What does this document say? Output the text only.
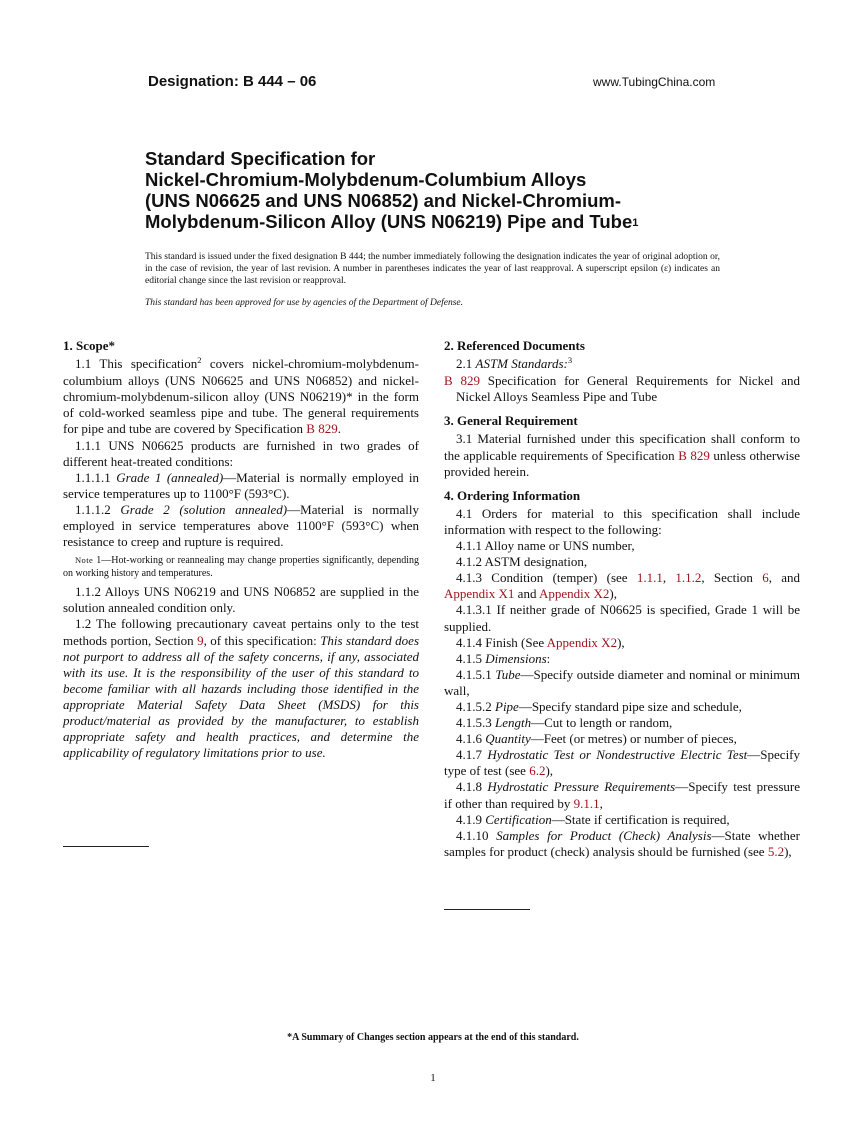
Designation: B 444 – 06	www.TubingChina.com
Standard Specification for
Nickel-Chromium-Molybdenum-Columbium Alloys
(UNS N06625 and UNS N06852) and Nickel-Chromium-
Molybdenum-Silicon Alloy (UNS N06219) Pipe and Tube$^1$
This standard is issued under the fixed designation B 444; the number immediately following the designation indicates the year of original adoption or, in the case of revision, the year of last revision. A number in parentheses indicates the year of last reapproval. A superscript epsilon (ε) indicates an editorial change since the last revision or reapproval.
This standard has been approved for use by agencies of the Department of Defense.
1. Scope*

1.1 This specification$^2$ covers nickel-chromium-molybdenum-columbium alloys (UNS N06625 and UNS N06852) and nickel-chromium-molybdenum-silicon alloy (UNS N06219)* in the form of cold-worked seamless pipe and tube. The general requirements for pipe and tube are covered by Specification B 829.

1.1.1 UNS N06625 products are furnished in two grades of different heat-treated conditions:

1.1.1.1 Grade 1 (annealed)—Material is normally employed in service temperatures up to 1100°F (593°C).

1.1.1.2 Grade 2 (solution annealed)—Material is normally employed in service temperatures above 1100°F (593°C) when resistance to creep and rupture is required.

Note 1—Hot-working or reannealing may change properties significantly, depending on working history and temperatures.

1.1.2 Alloys UNS N06219 and UNS N06852 are supplied in the solution annealed condition only.

1.2 The following precautionary caveat pertains only to the test methods portion, Section 9, of this specification: This standard does not purport to address all of the safety concerns, if any, associated with its use. It is the responsibility of the user of this standard to become familiar with all hazards including those identified in the appropriate Material Safety Data Sheet (MSDS) for this product/material as provided by the manufacturer, to establish appropriate safety and health practices, and determine the applicability of regulatory limitations prior to use.

2. Referenced Documents

2.1 ASTM Standards:$^3$

B 829 Specification for General Requirements for Nickel and Nickel Alloys Seamless Pipe and Tube

3. General Requirement

3.1 Material furnished under this specification shall conform to the applicable requirements of Specification B 829 unless otherwise provided herein.

4. Ordering Information

4.1 Orders for material to this specification shall include information with respect to the following:

4.1.1 Alloy name or UNS number,

4.1.2 ASTM designation,

4.1.3 Condition (temper) (see 1.1.1, 1.1.2, Section 6, and Appendix X1 and Appendix X2),

4.1.3.1 If neither grade of N06625 is specified, Grade 1 will be supplied.

4.1.4 Finish (See Appendix X2),

4.1.5 Dimensions:

4.1.5.1 Tube—Specify outside diameter and nominal or minimum wall,

4.1.5.2 Pipe—Specify standard pipe size and schedule,

4.1.5.3 Length—Cut to length or random,

4.1.6 Quantity—Feet (or metres) or number of pieces,

4.1.7 Hydrostatic Test or Nondestructive Electric Test—Specify type of test (see 6.2),

4.1.8 Hydrostatic Pressure Requirements—Specify test pressure if other than required by 9.1.1,

4.1.9 Certification—State if certification is required,

4.1.10 Samples for Product (Check) Analysis—State whether samples for product (check) analysis should be furnished (see 5.2),

*A Summary of Changes section appears at the end of this standard.
1
